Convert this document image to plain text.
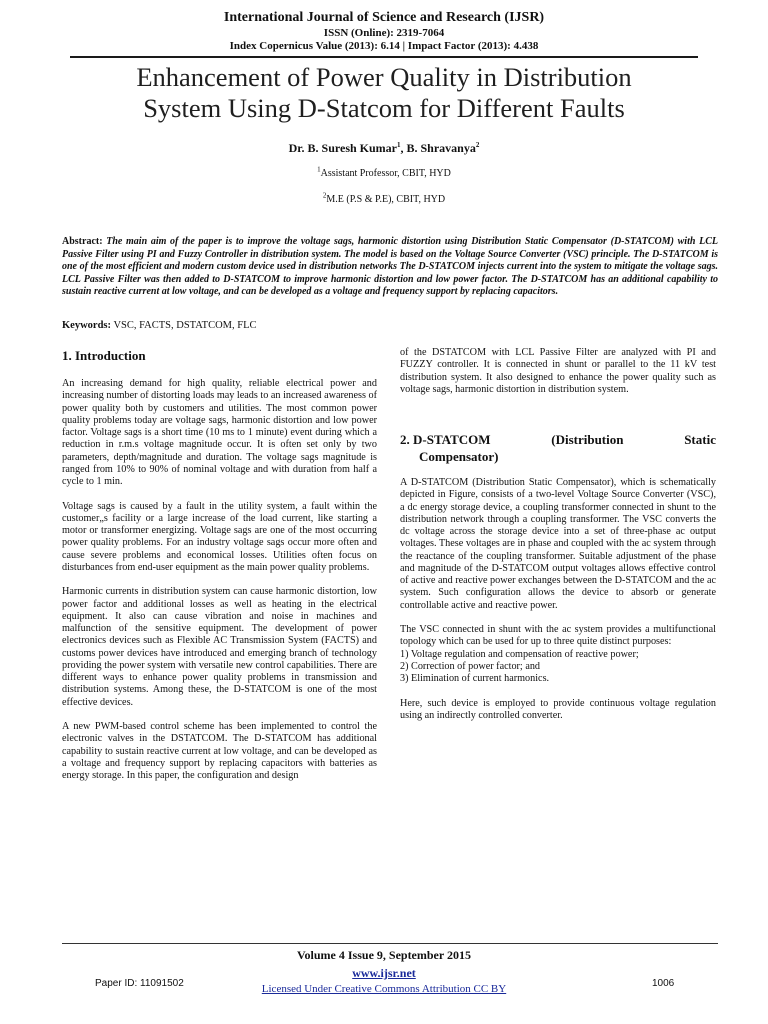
International Journal of Science and Research (IJSR)
ISSN (Online): 2319-7064
Index Copernicus Value (2013): 6.14 | Impact Factor (2013): 4.438
Enhancement of Power Quality in Distribution
System Using D-Statcom for Different Faults
Dr. B. Suresh Kumar$^1$, B. Shravanya$^2$
$^1$Assistant Professor, CBIT, HYD
$^2$M.E (P.S & P.E), CBIT, HYD
Abstract: The main aim of the paper is to improve the voltage sags, harmonic distortion using Distribution Static Compensator (D-STATCOM) with LCL Passive Filter using PI and Fuzzy Controller in distribution system. The model is based on the Voltage Source Converter (VSC) principle. The D-STATCOM is one of the most efficient and modern custom device used in distribution networks The D-STATCOM injects current into the system to mitigate the voltage sags. LCL Passive Filter was then added to D-STATCOM to improve harmonic distortion and low power factor. The D-STATCOM has an additional capability to sustain reactive current at low voltage, and can be developed as a voltage and frequency support by replacing capacitors.
Keywords: VSC, FACTS, DSTATCOM, FLC
1. Introduction

An increasing demand for high quality, reliable electrical power and increasing number of distorting loads may leads to an increased awareness of power quality both by customers and utilities. The most common power quality problems today are voltage sags, harmonic distortion and low power factor. Voltage sags is a short time (10 ms to 1 minute) event during which a reduction in r.m.s voltage magnitude occur. It is often set only by two parameters, depth/magnitude and duration. The voltage sags magnitude is ranged from 10% to 90% of nominal voltage and with duration from half a cycle to 1 min.

Voltage sags is caused by a fault in the utility system, a fault within the customer„s facility or a large increase of the load current, like starting a motor or transformer energizing. Voltage sags are one of the most occurring power quality problems. For an industry voltage sags occur more often and cause severe problems and economical losses. Utilities often focus on disturbances from end-user equipment as the main power quality problems.

Harmonic currents in distribution system can cause harmonic distortion, low power factor and additional losses as well as heating in the electrical equipment. It also can cause vibration and noise in machines and malfunction of the sensitive equipment. The development of power electronics devices such as Flexible AC Transmission System (FACTS) and customs power devices have introduced and emerging branch of technology providing the power system with versatile new control capabilities. There are different ways to enhance power quality problems in transmission and distribution systems. Among these, the D-STATCOM is one of the most effective devices.

A new PWM-based control scheme has been implemented to control the electronic valves in the DSTATCOM. The D-STATCOM has additional capability to sustain reactive current at low voltage, and can be developed as a voltage and frequency support by replacing capacitors with batteries as energy storage. In this paper, the configuration and design

of the DSTATCOM with LCL Passive Filter are analyzed with PI and FUZZY controller. It is connected in shunt or parallel to the 11 kV test distribution system. It also designed to enhance the power quality such as voltage sags, harmonic distortion in distribution system.

2. D-STATCOM	(Distribution	Static
Compensator)

A D-STATCOM (Distribution Static Compensator), which is schematically depicted in Figure, consists of a two-level Voltage Source Converter (VSC), a dc energy storage device, a coupling transformer connected in shunt to the distribution network through a coupling transformer. The VSC converts the dc voltage across the storage device into a set of three-phase ac output voltages. These voltages are in phase and coupled with the ac system through the reactance of the coupling transformer. Suitable adjustment of the phase and magnitude of the D-STATCOM output voltages allows effective control of active and reactive power exchanges between the D-STATCOM and the ac system. Such configuration allows the device to absorb or generate controllable active and reactive power.

The VSC connected in shunt with the ac system provides a multifunctional topology which can be used for up to three quite distinct purposes:

1) Voltage regulation and compensation of reactive power;
2) Correction of power factor; and
3) Elimination of current harmonics.

Here, such device is employed to provide continuous voltage regulation using an indirectly controlled converter.

Volume 4 Issue 9, September 2015
www.ijsr.net
Licensed Under Creative Commons Attribution CC BY
Paper ID: 11091502	1006
